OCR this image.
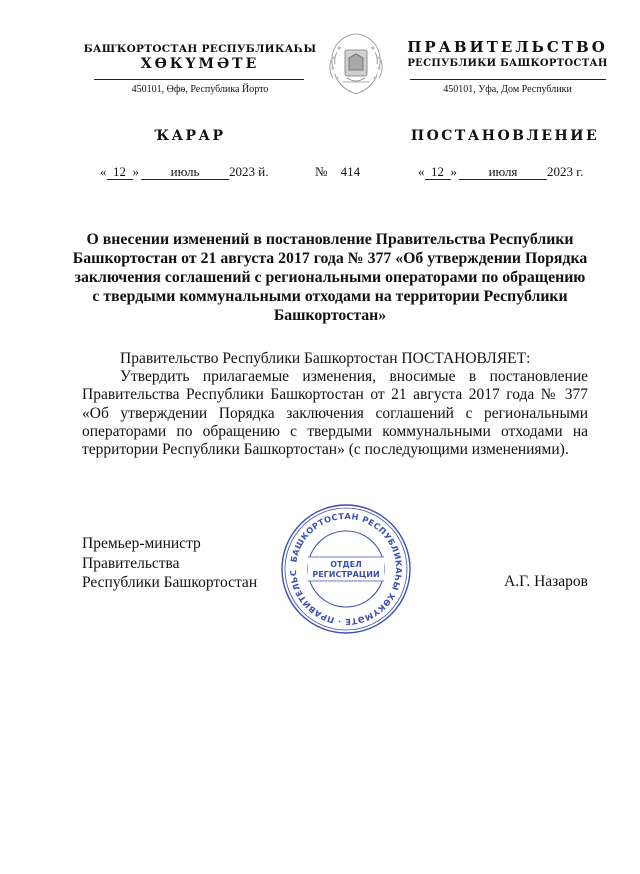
БАШҠОРТОСТАН РЕСПУБЛИКАҺЫ
ХӨКҮМӘТЕ
450101, Өфө, Республика Йорто
ПРАВИТЕЛЬСТВО
РЕСПУБЛИКИ БАШКОРТОСТАН
450101, Уфа, Дом Республики
ҠАРАР	ПОСТАНОВЛЕНИЕ
« 12 » июль 2023 й.	№ 414	« 12 » июля 2023 г.
О внесении изменений в постановление Правительства Республики Башкортостан от 21 августа 2017 года № 377 «Об утверждении Порядка заключения соглашений с региональными операторами по обращению с твердыми коммунальными отходами на территории Республики Башкортостан»
Правительство Республики Башкортостан ПОСТАНОВЛЯЕТ:
Утвердить прилагаемые изменения, вносимые в постановление Правительства Республики Башкортостан от 21 августа 2017 года № 377 «Об утверждении Порядка заключения соглашений с региональными операторами по обращению с твердыми коммунальными отходами на территории Республики Башкортостан» (с последующими изменениями).
Премьер-министр
Правительства
Республики Башкортостан	А.Г. Назаров
БАШКОРТОСТАН РЕСПУБЛИКАҺЫ ХӨКҮМӘТЕ · ПРАВИТЕЛЬС
ОТДЕЛ
РЕГИСТРАЦИИ
